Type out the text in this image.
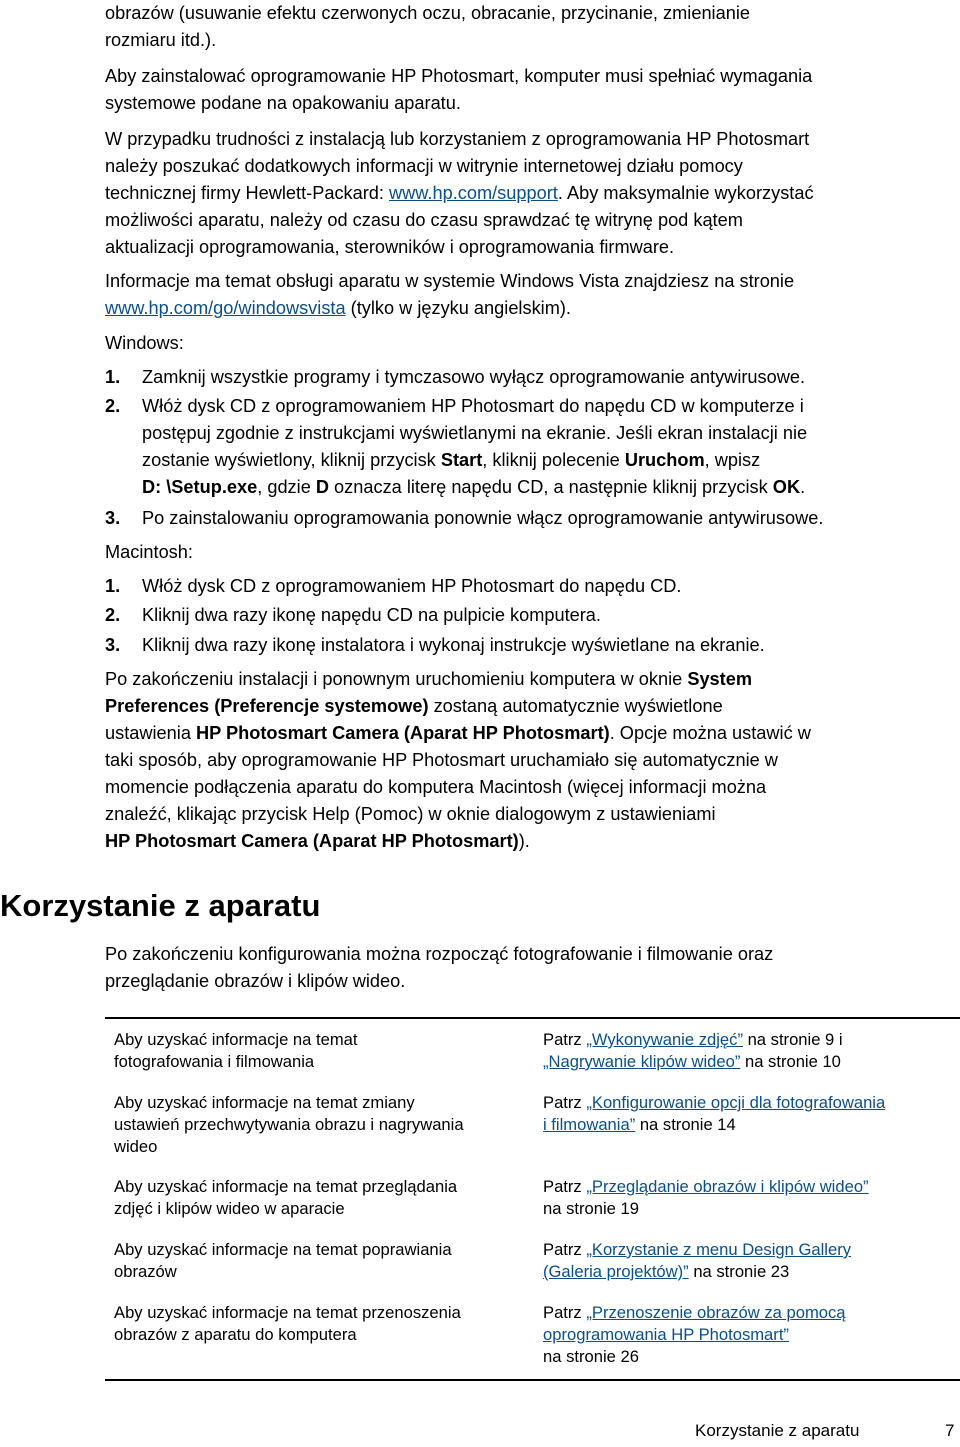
obrazów (usuwanie efektu czerwonych oczu, obracanie, przycinanie, zmienianie
rozmiaru itd.).
Aby zainstalować oprogramowanie HP Photosmart, komputer musi spełniać wymagania
systemowe podane na opakowaniu aparatu.
W przypadku trudności z instalacją lub korzystaniem z oprogramowania HP Photosmart
należy poszukać dodatkowych informacji w witrynie internetowej działu pomocy
technicznej firmy Hewlett-Packard: www.hp.com/support. Aby maksymalnie wykorzystać
możliwości aparatu, należy od czasu do czasu sprawdzać tę witrynę pod kątem
aktualizacji oprogramowania, sterowników i oprogramowania firmware.
Informacje ma temat obsługi aparatu w systemie Windows Vista znajdziesz na stronie
www.hp.com/go/windowsvista (tylko w języku angielskim).
Windows:
1. Zamknij wszystkie programy i tymczasowo wyłącz oprogramowanie antywirusowe.
2. Włóż dysk CD z oprogramowaniem HP Photosmart do napędu CD w komputerze i
postępuj zgodnie z instrukcjami wyświetlanymi na ekranie. Jeśli ekran instalacji nie
zostanie wyświetlony, kliknij przycisk Start, kliknij polecenie Uruchom, wpisz
D: \Setup.exe, gdzie D oznacza literę napędu CD, a następnie kliknij przycisk OK.
3. Po zainstalowaniu oprogramowania ponownie włącz oprogramowanie antywirusowe.
Macintosh:
1. Włóż dysk CD z oprogramowaniem HP Photosmart do napędu CD.
2. Kliknij dwa razy ikonę napędu CD na pulpicie komputera.
3. Kliknij dwa razy ikonę instalatora i wykonaj instrukcje wyświetlane na ekranie.
Po zakończeniu instalacji i ponownym uruchomieniu komputera w oknie System
Preferences (Preferencje systemowe) zostaną automatycznie wyświetlone
ustawienia HP Photosmart Camera (Aparat HP Photosmart). Opcje można ustawić w
taki sposób, aby oprogramowanie HP Photosmart uruchamiało się automatycznie w
momencie podłączenia aparatu do komputera Macintosh (więcej informacji można
znaleźć, klikając przycisk Help (Pomoc) w oknie dialogowym z ustawieniami
HP Photosmart Camera (Aparat HP Photosmart)).
Korzystanie z aparatu
Po zakończeniu konfigurowania można rozpocząć fotografowanie i filmowanie oraz
przeglądanie obrazów i klipów wideo.
Aby uzyskać informacje na temat
fotografowania i filmowania
Patrz „Wykonywanie zdjęć” na stronie 9 i
„Nagrywanie klipów wideo” na stronie 10
Aby uzyskać informacje na temat zmiany
ustawień przechwytywania obrazu i nagrywania
wideo
Patrz „Konfigurowanie opcji dla fotografowania
i filmowania” na stronie 14
Aby uzyskać informacje na temat przeglądania
zdjęć i klipów wideo w aparacie
Patrz „Przeglądanie obrazów i klipów wideo”
na stronie 19
Aby uzyskać informacje na temat poprawiania
obrazów
Patrz „Korzystanie z menu Design Gallery
(Galeria projektów)” na stronie 23
Aby uzyskać informacje na temat przenoszenia
obrazów z aparatu do komputera
Patrz „Przenoszenie obrazów za pomocą
oprogramowania HP Photosmart”
na stronie 26
Korzystanie z aparatu	7
